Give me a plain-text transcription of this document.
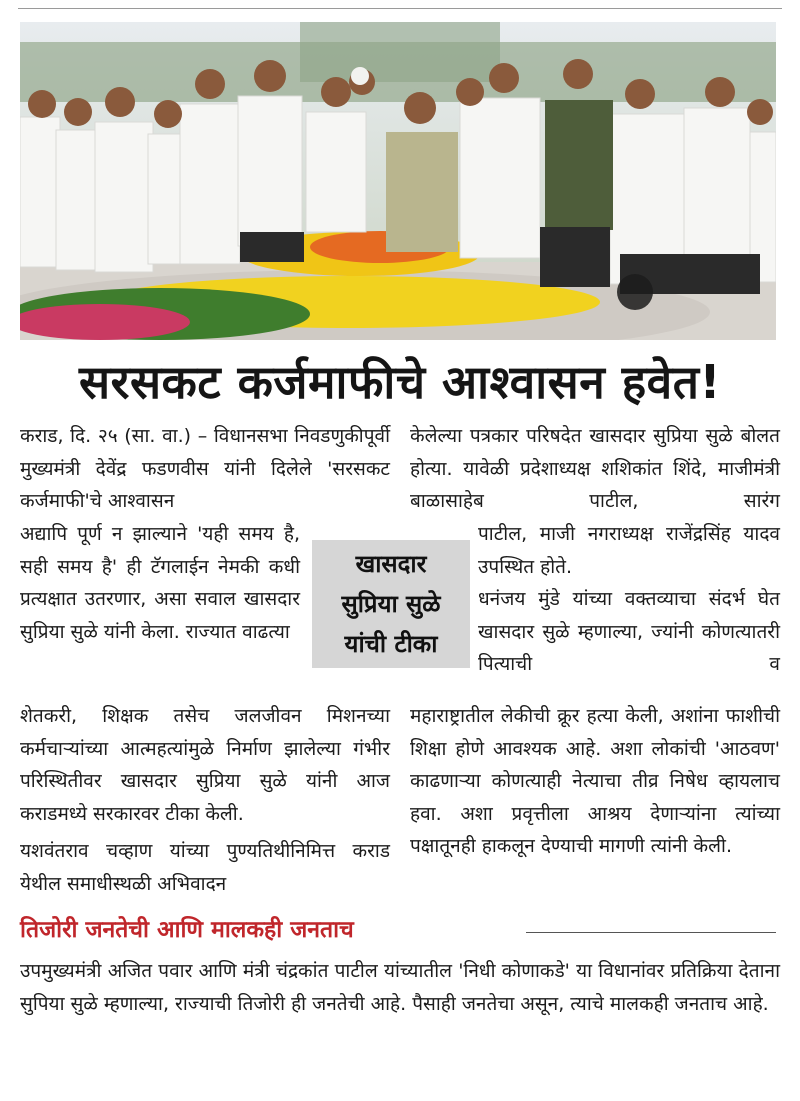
सरसकट कर्जमाफीचे आश्वासन हवेत!

कराड, दि. २५ (सा. वा.) – विधानसभा निवडणुकीपूर्वी मुख्यमंत्री देवेंद्र फडणवीस यांनी दिलेले 'सरसकट कर्जमाफी'चे आश्वासन

अद्यापि पूर्ण न झाल्याने 'यही समय है, सही समय है' ही टॅगलाईन नेमकी कधी प्रत्यक्षात उतरणार, असा सवाल खासदार सुप्रिया सुळे यांनी केला. राज्यात वाढत्या

शेतकरी, शिक्षक तसेच जलजीवन मिशनच्या कर्मचाऱ्यांच्या आत्महत्यांमुळे निर्माण झालेल्या गंभीर परिस्थितीवर खासदार सुप्रिया सुळे यांनी आज कराडमध्ये सरकारवर टीका केली.

यशवंतराव चव्हाण यांच्या पुण्यतिथीनिमित्त कराड येथील समाधीस्थळी अभिवादन

केलेल्या पत्रकार परिषदेत खासदार सुप्रिया सुळे बोलत होत्या. यावेळी प्रदेशाध्यक्ष शशिकांत शिंदे, माजीमंत्री बाळासाहेब पाटील, सारंग

पाटील, माजी नगराध्यक्ष राजेंद्रसिंह यादव उपस्थित होते.

धनंजय मुंडे यांच्या वक्तव्याचा संदर्भ घेत खासदार सुळे म्हणाल्या, ज्यांनी कोणत्यातरी पित्याची व

महाराष्ट्रातील लेकीची क्रूर हत्या केली, अशांना फाशीची शिक्षा होणे आवश्यक आहे. अशा लोकांची 'आठवण' काढणाऱ्या कोणत्याही नेत्याचा तीव्र निषेध व्हायलाच हवा. अशा प्रवृत्तीला आश्रय देणाऱ्यांना त्यांच्या पक्षातूनही हाकलून देण्याची मागणी त्यांनी केली.

खासदार
सुप्रिया सुळे
यांची टीका
तिजोरी जनतेची आणि मालकही जनताच

उपमुख्यमंत्री अजित पवार आणि मंत्री चंद्रकांत पाटील यांच्यातील 'निधी कोणाकडे' या विधानांवर प्रतिक्रिया देताना सुपिया सुळे म्हणाल्या, राज्याची तिजोरी ही जनतेची आहे. पैसाही जनतेचा असून, त्याचे मालकही जनताच आहे.
